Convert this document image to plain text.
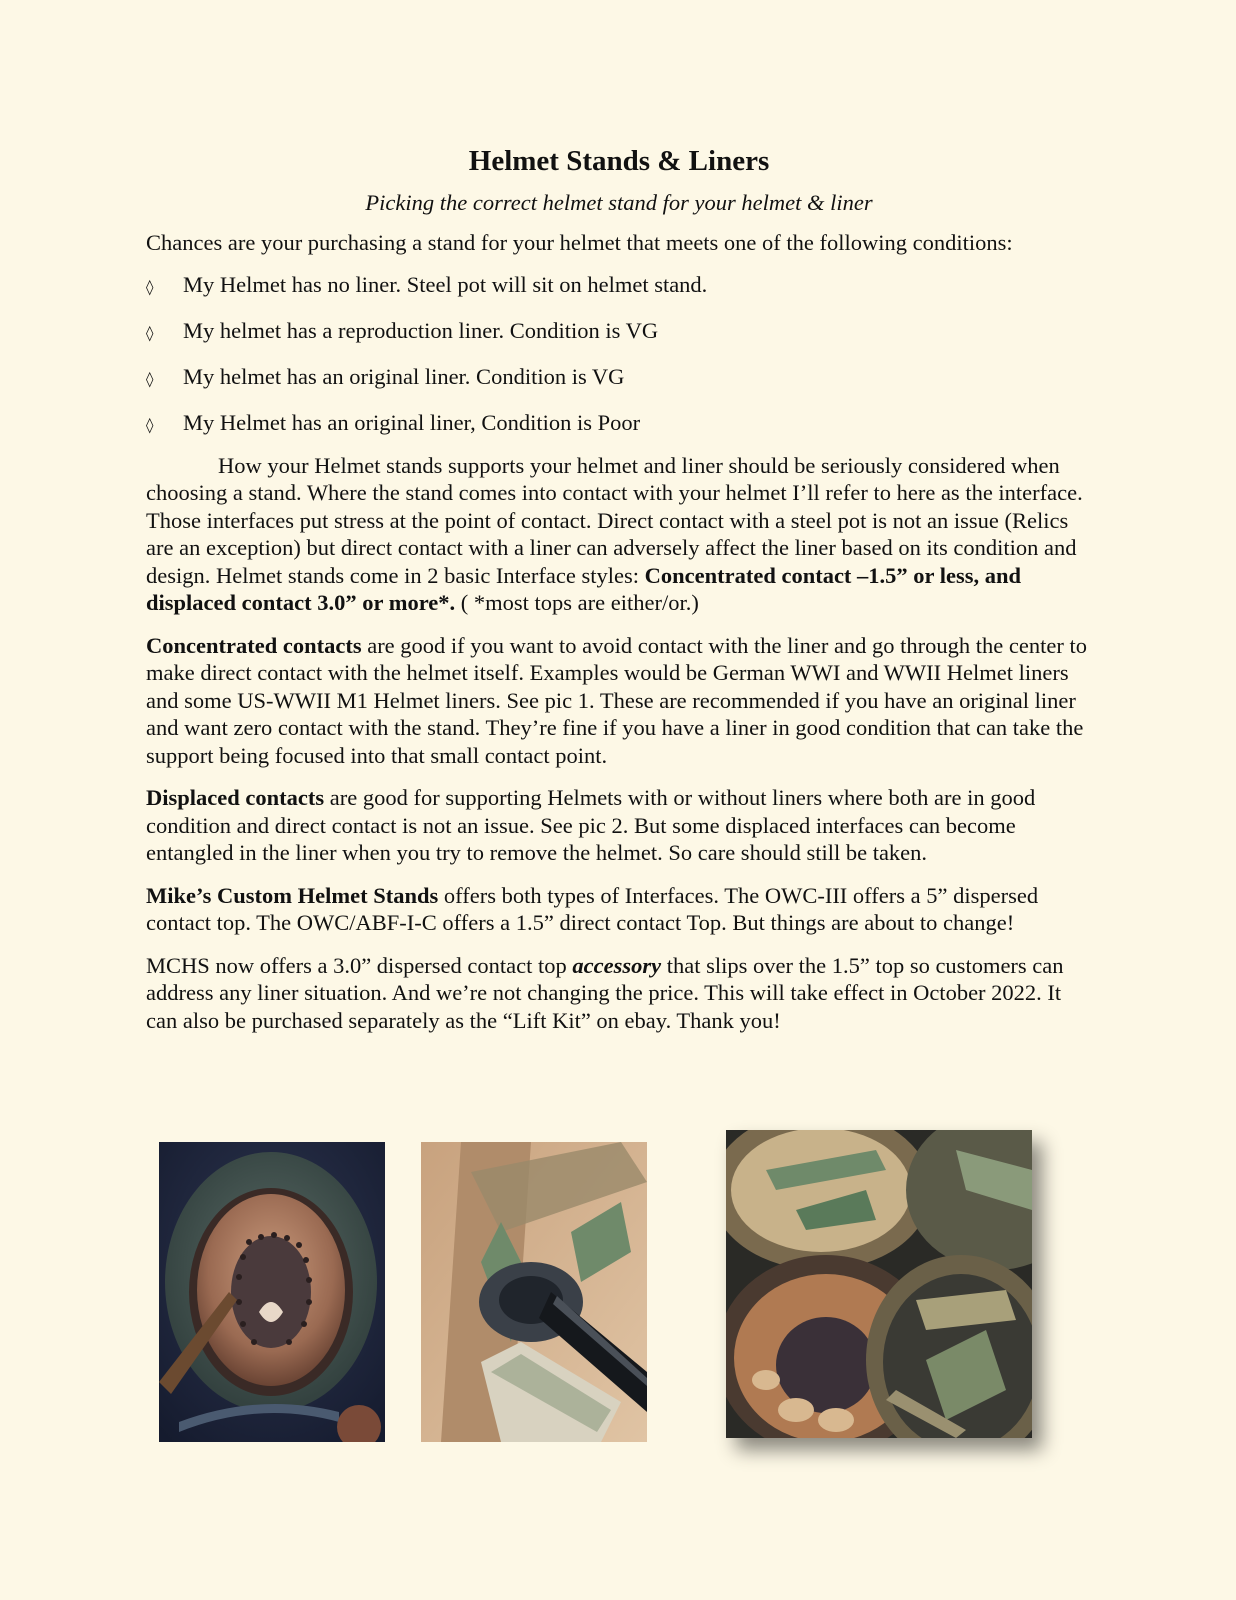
Helmet Stands & Liners
Picking the correct helmet stand for your helmet & liner

Chances are your purchasing a stand for your helmet that meets one of the following conditions:

◊	My Helmet has no liner. Steel pot will sit on helmet stand.
◊	My helmet has a reproduction liner. Condition is VG
◊	My helmet has an original liner. Condition is VG
◊	My Helmet has an original liner, Condition is Poor

How your Helmet stands supports your helmet and liner should be seriously considered when choosing a stand. Where the stand comes into contact with your helmet I’ll refer to here as the interface. Those interfaces put stress at the point of contact. Direct contact with a steel pot is not an issue (Relics are an exception) but direct contact with a liner can adversely affect the liner based on its condition and design. Helmet stands come in 2 basic Interface styles: Concentrated contact –1.5” or less, and displaced contact 3.0” or more*. ( *most tops are either/or.)

Concentrated contacts are good if you want to avoid contact with the liner and go through the center to make direct contact with the helmet itself. Examples would be German WWI and WWII Helmet liners and some US-WWII M1 Helmet liners. See pic 1. These are recommended if you have an original liner and want zero contact with the stand. They’re fine if you have a liner in good condition that can take the support being focused into that small contact point.

Displaced contacts are good for supporting Helmets with or without liners where both are in good condition and direct contact is not an issue. See pic 2. But some displaced interfaces can become entangled in the liner when you try to remove the helmet. So care should still be taken.

Mike’s Custom Helmet Stands offers both types of Interfaces. The OWC-III offers a 5” dispersed contact top. The OWC/ABF-I-C offers a 1.5” direct contact Top. But things are about to change!

MCHS now offers a 3.0” dispersed contact top accessory that slips over the 1.5” top so customers can address any liner situation. And we’re not changing the price. This will take effect in October 2022. It can also be purchased separately as the “Lift Kit” on ebay. Thank you!
